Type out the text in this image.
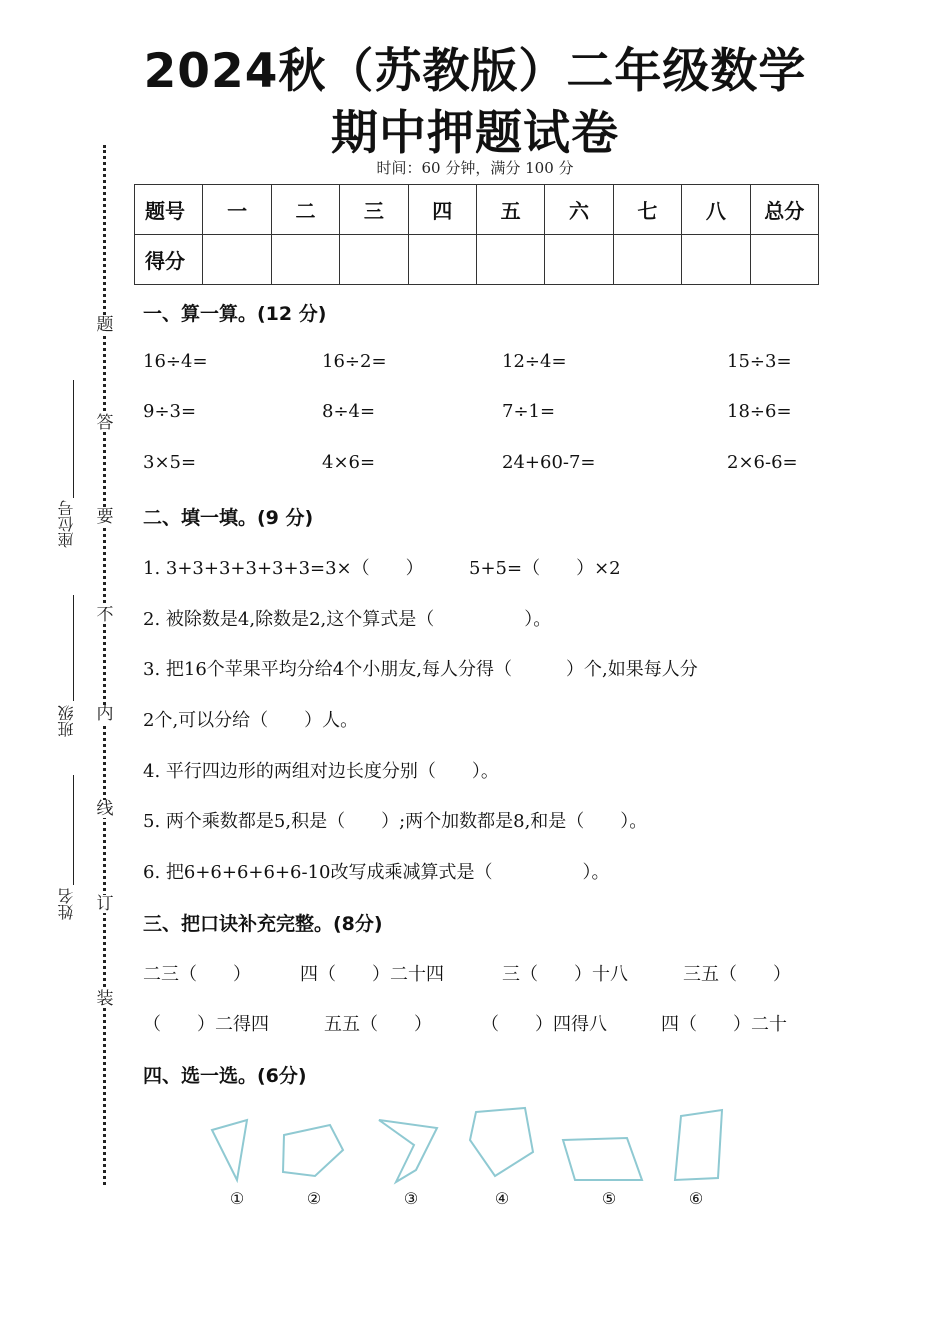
2024秋（苏教版）二年级数学
期中押题试卷
时间：60 分钟，满分 100 分
题
答
要
不
内
线
订
装
座位号
班级
姓名
题号	一	二	三	四	五	六	七	八	总分
得分									
一、算一算。(12 分)
16÷4=	16÷2=	12÷4=	15÷3=
9÷3=	8÷4=	7÷1=	18÷6=
3×5=	4×6=	24+60-7=	2×6-6=
二、填一填。(9 分)
1. 3+3+3+3+3+3=3×（　　）	5+5=（　　）×2
2. 被除数是4,除数是2,这个算式是（　　　　　）。
3. 把16个苹果平均分给4个小朋友,每人分得（　　　）个,如果每人分
2个,可以分给（　　）人。
4. 平行四边形的两组对边长度分别（　　）。
5. 两个乘数都是5,积是（　　）;两个加数都是8,和是（　　）。
6. 把6+6+6+6+6-10改写成乘减算式是（　　　　　）。
三、把口诀补充完整。(8分)
二三（　　）	四（　　）二十四	三（　　）十八	三五（　　）
（　　）二得四	五五（　　）	（　　）四得八	四（　　）二十
四、选一选。(6分)
①	②	③	④	⑤	⑥
